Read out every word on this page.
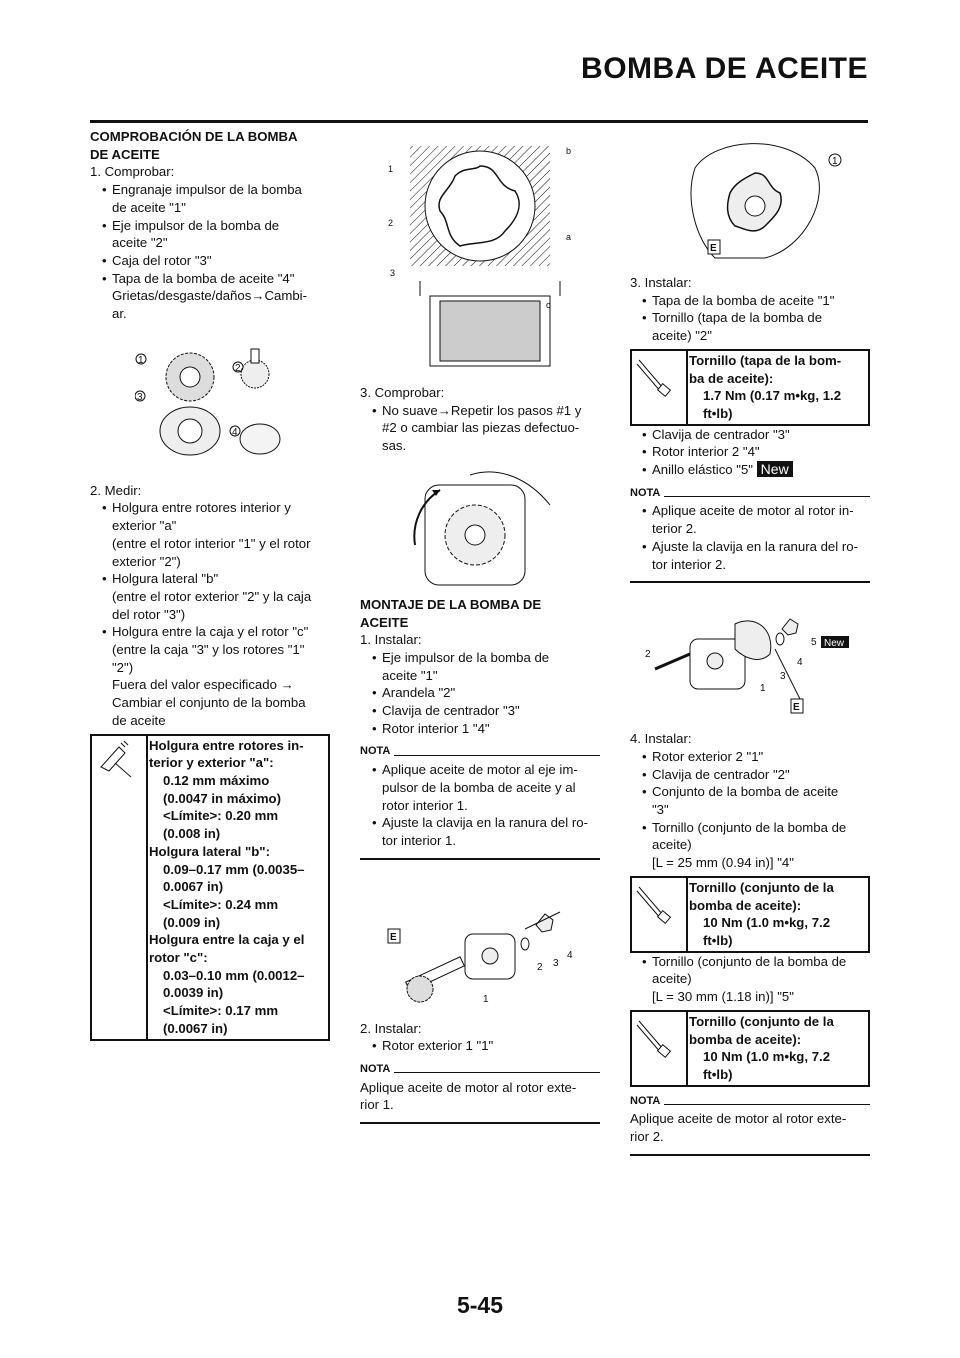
BOMBA DE ACEITE
COMPROBACIÓN DE LA BOMBA
DE ACEITE
1. Comprobar:
• Engranaje impulsor de la bomba
de aceite "1"
• Eje impulsor de la bomba de
aceite "2"
• Caja del rotor "3"
• Tapa de la bomba de aceite "4"
Grietas/desgaste/daños→Cambi-
ar.
1
2
3
4
2. Medir:
• Holgura entre rotores interior y
exterior "a"
(entre el rotor interior "1" y el rotor
exterior "2")
• Holgura lateral "b"
(entre el rotor exterior "2" y la caja
del rotor "3")
• Holgura entre la caja y el rotor "c"
(entre la caja "3" y los rotores "1"
"2")
Fuera del valor especificado →
Cambiar el conjunto de la bomba
de aceite

Holgura entre rotores in-
terior y exterior "a":
0.12 mm máximo
(0.0047 in máximo)
<Límite>: 0.20 mm
(0.008 in)
Holgura lateral "b":
0.09–0.17 mm (0.0035–
0.0067 in)
<Límite>: 0.24 mm
(0.009 in)
Holgura entre la caja y el
rotor "c":
0.03–0.10 mm (0.0012–
0.0039 in)
<Límite>: 0.17 mm
(0.0067 in)
1
2
3
a
b
c
3. Comprobar:
• No suave→Repetir los pasos #1 y
#2 o cambiar las piezas defectuo-
sas.
MONTAJE DE LA BOMBA DE
ACEITE
1. Instalar:
• Eje impulsor de la bomba de
aceite "1"
• Arandela "2"
• Clavija de centrador "3"
• Rotor interior 1 "4"
NOTA
• Aplique aceite de motor al eje im-
pulsor de la bomba de aceite y al
rotor interior 1.
• Ajuste la clavija en la ranura del ro-
tor interior 1.
E
1
2 3
4
2. Instalar:
• Rotor exterior 1 "1"
NOTA
Aplique aceite de motor al rotor exte-
rior 1.
1
E
3. Instalar:
• Tapa de la bomba de aceite "1"
• Tornillo (tapa de la bomba de
aceite) "2"

Tornillo (tapa de la bom-
ba de aceite):
1.7 Nm (0.17 m•kg, 1.2
ft•lb)
• Clavija de centrador "3"
• Rotor interior 2 "4"
• Anillo elástico "5" New
NOTA
• Aplique aceite de motor al rotor in-
terior 2.
• Ajuste la clavija en la ranura del ro-
tor interior 2.
2
1
3
4
5 New
E
4. Instalar:
• Rotor exterior 2 "1"
• Clavija de centrador "2"
• Conjunto de la bomba de aceite
"3"
• Tornillo (conjunto de la bomba de
aceite)
[L = 25 mm (0.94 in)] "4"

Tornillo (conjunto de la
bomba de aceite):
10 Nm (1.0 m•kg, 7.2
ft•lb)
• Tornillo (conjunto de la bomba de
aceite)
[L = 30 mm (1.18 in)] "5"

Tornillo (conjunto de la
bomba de aceite):
10 Nm (1.0 m•kg, 7.2
ft•lb)
NOTA
Aplique aceite de motor al rotor exte-
rior 2.
5-45
